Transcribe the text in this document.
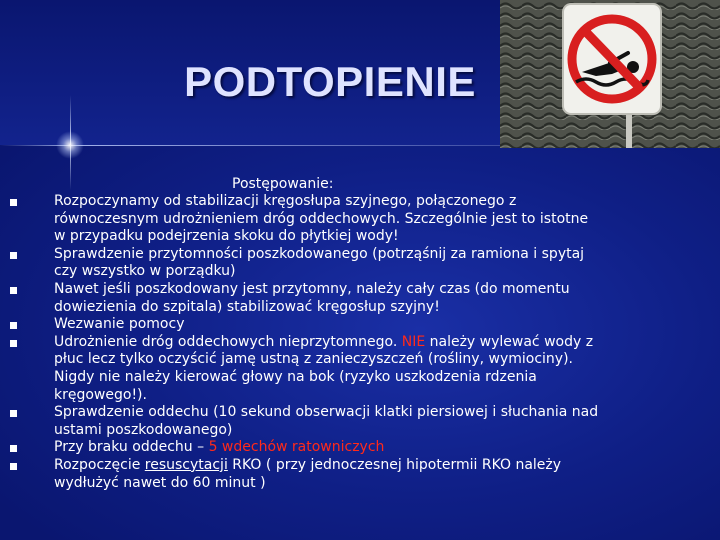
PODTOPIENIE
Postępowanie:
Rozpoczynamy od stabilizacji kręgosłupa szyjnego, połączonego z równoczesnym udrożnieniem dróg oddechowych. Szczególnie jest to istotne w przypadku podejrzenia skoku do płytkiej wody!
Sprawdzenie przytomności poszkodowanego (potrząśnij za ramiona i spytaj czy wszystko w porządku)
Nawet jeśli poszkodowany jest przytomny, należy cały czas (do momentu dowiezienia do szpitala) stabilizować kręgosłup szyjny!
Wezwanie pomocy
Udrożnienie dróg oddechowych nieprzytomnego. NIE należy wylewać wody z płuc lecz tylko oczyścić jamę ustną z zanieczyszczeń (rośliny, wymiociny). Nigdy nie należy kierować głowy na bok (ryzyko uszkodzenia rdzenia kręgowego!).
Sprawdzenie oddechu (10 sekund obserwacji klatki piersiowej i słuchania nad ustami poszkodowanego)
Przy braku oddechu – 5 wdechów ratowniczych
Rozpoczęcie resuscytacji RKO ( przy jednoczesnej hipotermii RKO należy wydłużyć nawet do 60 minut )
